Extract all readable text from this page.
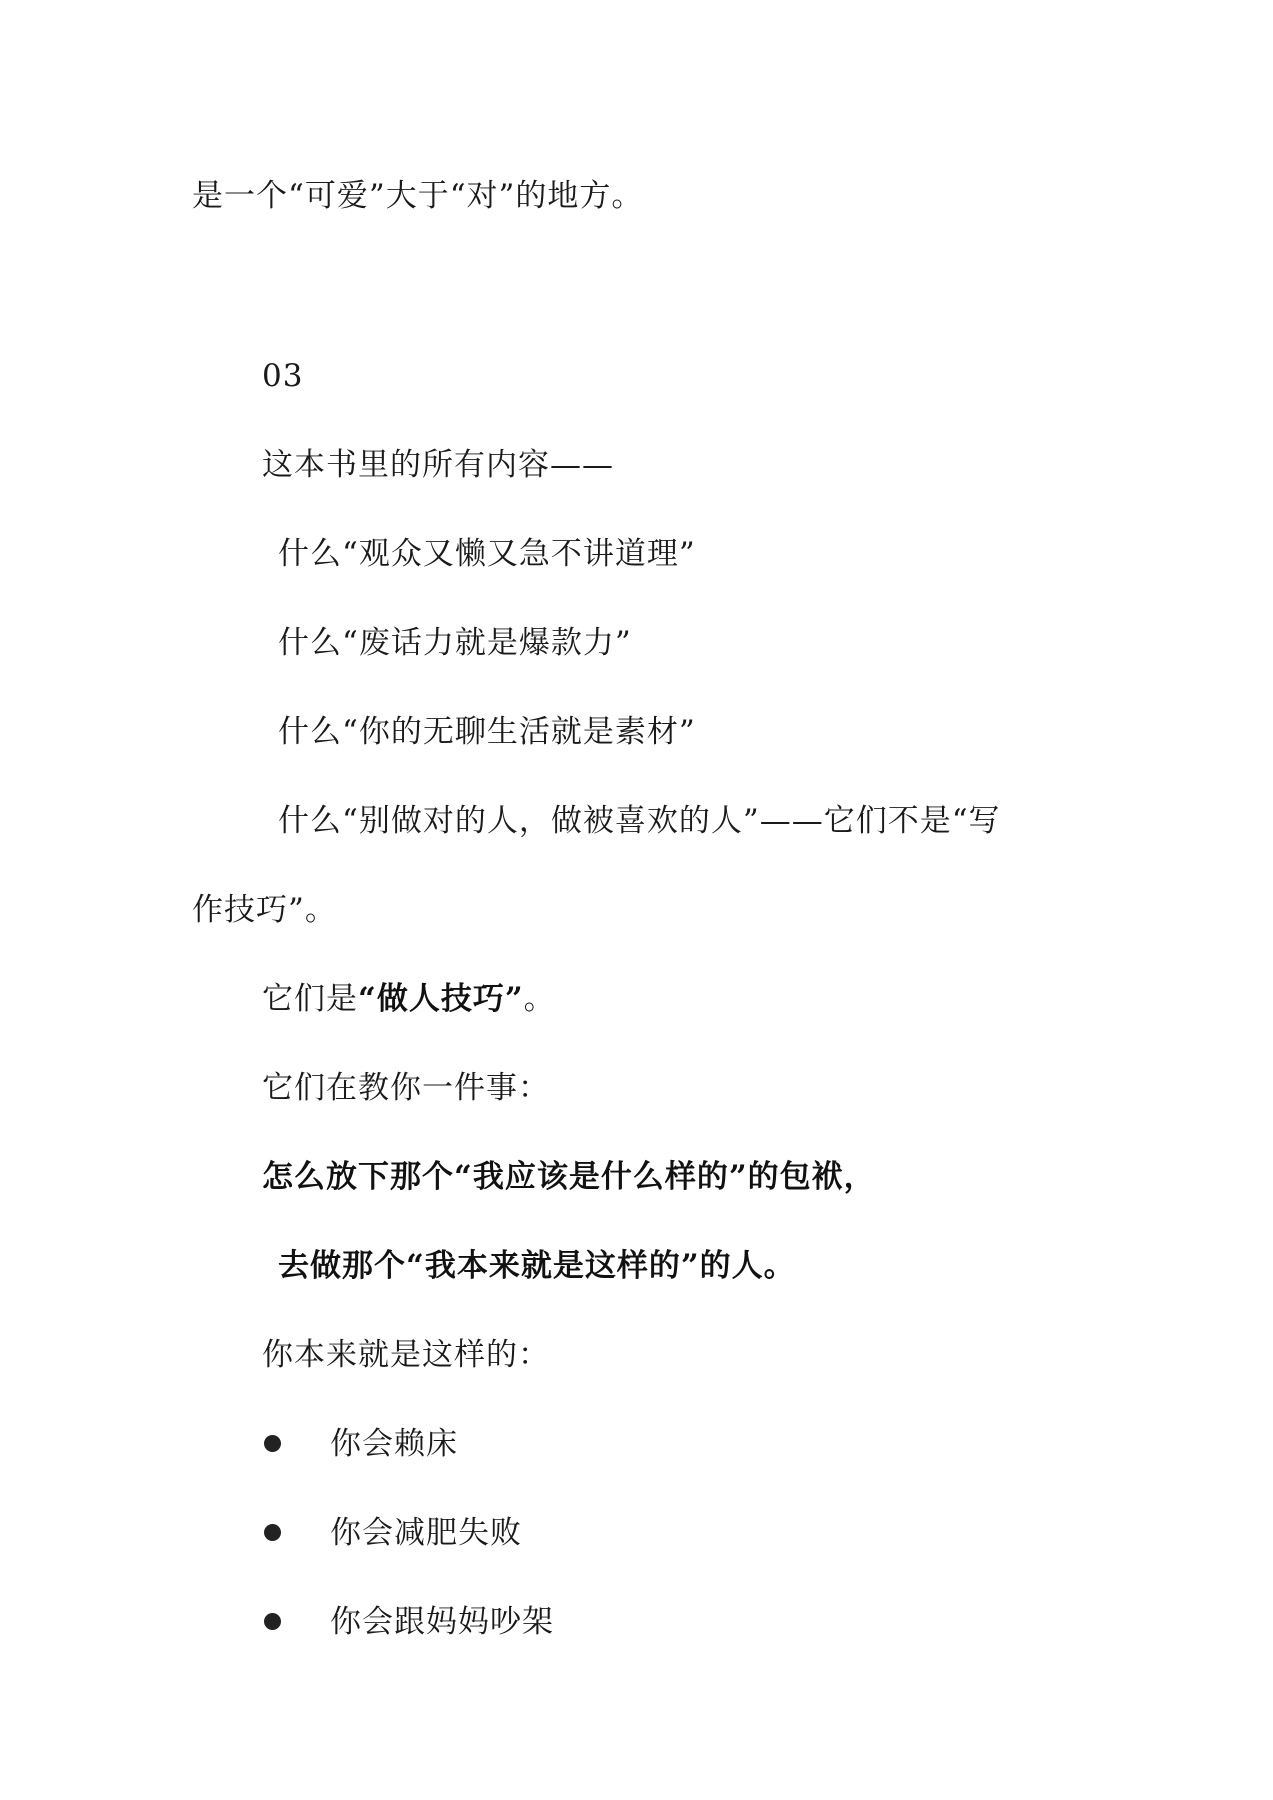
是一个“可爱”大于“对”的地方。
03
这本书里的所有内容——
什么“观众又懒又急不讲道理”
什么“废话力就是爆款力”
什么“你的无聊生活就是素材”
什么“别做对的人，做被喜欢的人”——它们不是“写
作技巧”。
它们是“做人技巧”。
它们在教你一件事：
怎么放下那个“我应该是什么样的”的包袱，
去做那个“我本来就是这样的”的人。
你本来就是这样的：
你会赖床
你会减肥失败
你会跟妈妈吵架
